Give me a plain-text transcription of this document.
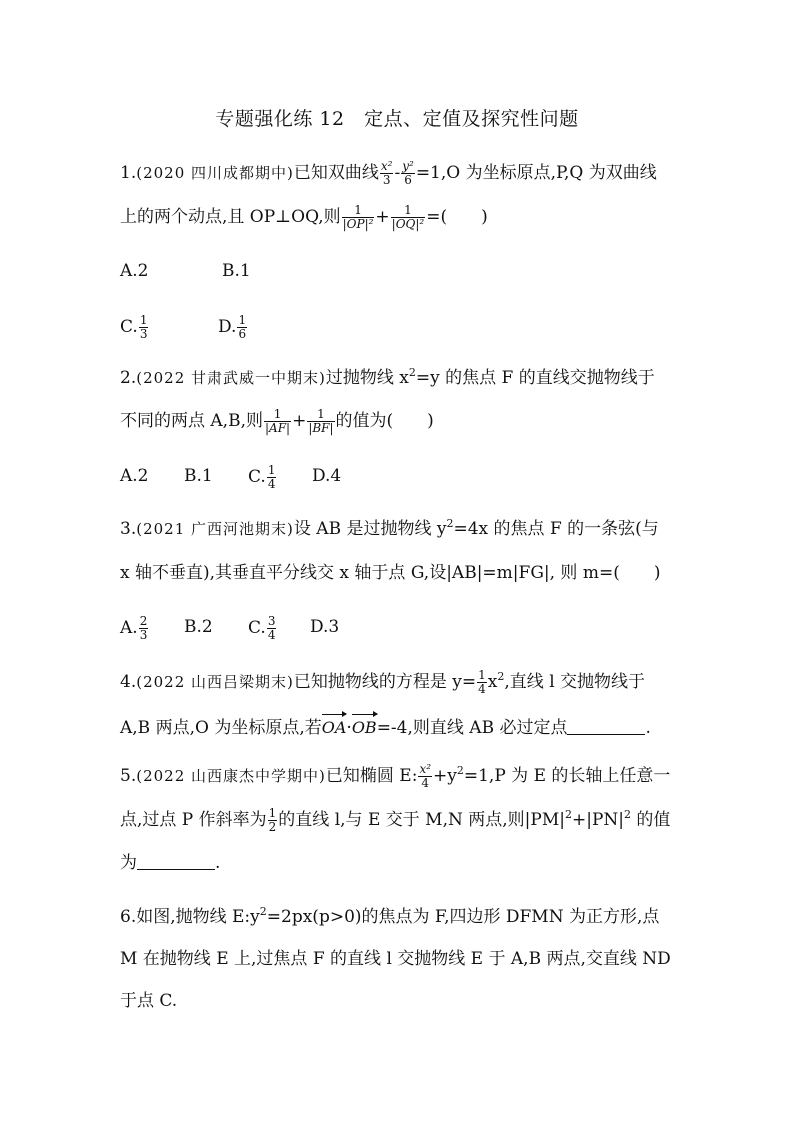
专题强化练 12　定点、定值及探究性问题
1.(2020 四川成都期中)已知双曲线 $\frac{\text{x²}}{3} - \frac{\text{y²}}{6} =1,O$ 为坐标原点,P,Q 为双曲线
上的两个动点,且 OP⊥OQ,则 $\frac{1}{\text{|OP|²}} + \frac{1}{\text{|OQ|²}}$ =(　　)
A.2	B.1
C. $\frac{1}{3}$	D. $\frac{1}{6}$
2.(2022 甘肃武威一中期末)过抛物线 $x^2=y$ 的焦点 F 的直线交抛物线于
不同的两点 A,B,则 $\frac{1}{|AF|} + \frac{1}{|BF|}$ 的值为(　　)
A.2 B.1 C. $\frac{1}{4} D.4$
3.(2021 广西河池期末)设 AB 是过抛物线 $y^2=4x$ 的焦点 F 的一条弦(与
x 轴不垂直),其垂直平分线交 x 轴于点 G,设|AB|=m|FG|, 则 m=(　　)
A. $\frac{2}{3} B.2$ C. $\frac{3}{4} D.3$
4.(2022 山西吕梁期末)已知抛物线的方程是 $y= \frac{1}{4} x^2$,直线 l 交抛物线于
A,B 两点,O 为坐标原点,若OA·OB=-4,则直线 AB 必过定点	.
5.(2022 山西康杰中学期中)已知椭圆 E: $\frac{\text{x²}}{4} +y^2=1,P$ 为 E 的长轴上任意一
点,过点 P 作斜率为 $\frac{1}{2}$ 的直线 l,与 E 交于 M,N 两点,则$|PM|^2+|PN|^2$ 的值
为	.
6.如图,抛物线 $E:y^2=2px(p>0)$的焦点为 F,四边形 DFMN 为正方形,点
M 在抛物线 E 上,过焦点 F 的直线 l 交抛物线 E 于 A,B 两点,交直线 ND
于点 C.
